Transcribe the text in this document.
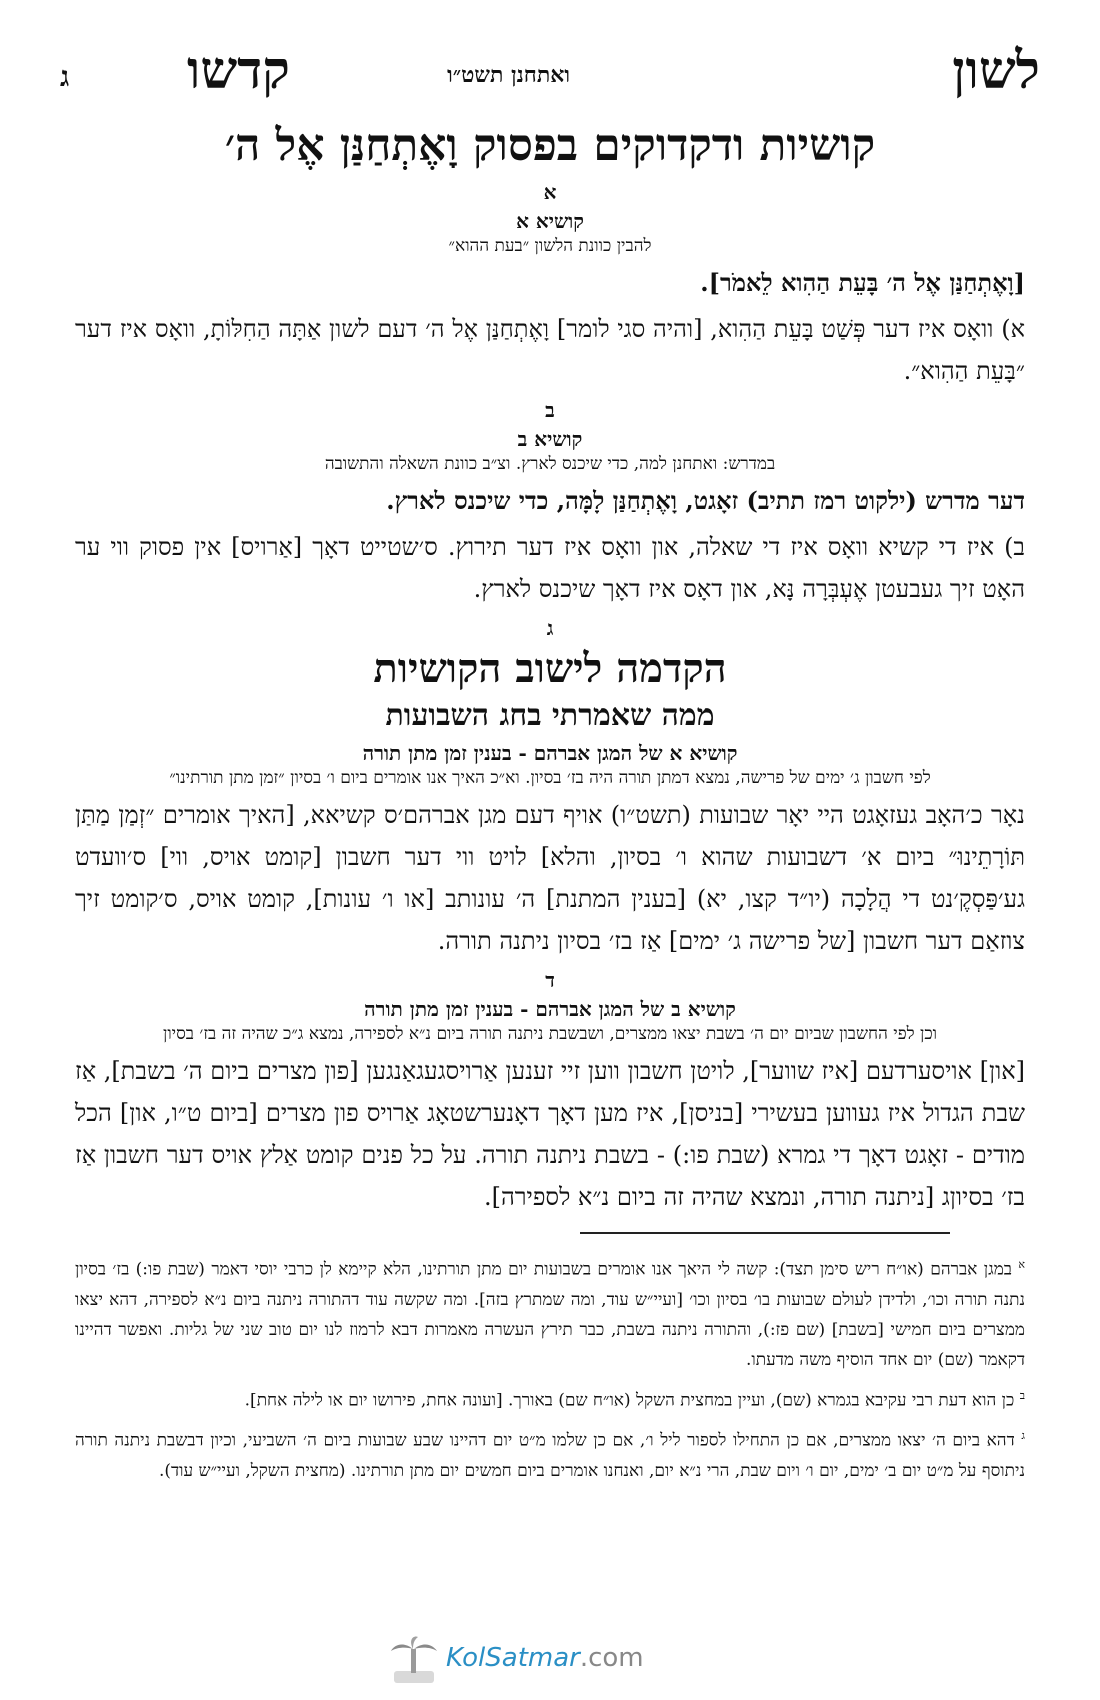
לשון
ואתחנן תשט״ו
קדשו
ג
קושיות ודקדוקים בפסוק וָאֶתְחַנַּן אֶל ה׳
א
קושיא א
להבין כוונת הלשון ״בעת ההוא״

[וָאֶתְחַנַּן אֶל ה׳ בָּעֵת הַהִוא לֵאמֹר].

א) וואָס איז דער פְּשַׁט בָּעֵת הַהִוא, [והיה סגי לומר] וָאֶתְחַנַּן אֶל ה׳ דעם לשון אַתָּה הַחִלּוֹתָ, וואָס איז דער ״בָּעֵת הַהִוא״.

ב
קושיא ב
במדרש: ואתחנן למה, כדי שיכנס לארץ. וצ״ב כוונת השאלה והתשובה

דער מדרש (ילקוט רמז תתיב) זאָגט, וָאֶתְחַנַּן לָמָּה, כדי שיכנס לארץ.

ב) איז די קשיא וואָס איז די שאלה, און וואָס איז דער תירוץ. ס׳שטייט דאָך [אַרויס] אין פסוק ווי ער האָט זיך געבעטן אֶעְבְּרָה נָּא, און דאָס איז דאָך שיכנס לארץ.

ג
הקדמה לישוב הקושיות
ממה שאמרתי בחג השבועות
קושיא א של המגן אברהם - בענין זמן מתן תורה
לפי חשבון ג׳ ימים של פרישה, נמצא דמתן תורה היה בז׳ בסיון. וא״כ האיך אנו אומרים ביום ו׳ בסיון ״זמן מתן תורתינו״

נאָר כ׳האָב געזאָגט היי יאָר שבועות (תשט״ו) אויף דעם מגן אברהם׳ס קשיאא, [האיך אומרים ״זְמַן מַתַּן תּוֹרָתֵינוּ״ ביום א׳ דשבועות שהוא ו׳ בסיון, והלא] לויט ווי דער חשבון [קומט אויס, ווי] ס׳וועדט גע׳פַּסְקֶ׳נט די הֲלָכָה (יו״ד קצו, יא) [בענין המתנת] ה׳ עונותב [או ו׳ עונות], קומט אויס, ס׳קומט זיך צוזאַם דער חשבון [של פרישה ג׳ ימים] אַז בז׳ בסיון ניתנה תורה.

ד
קושיא ב של המגן אברהם - בענין זמן מתן תורה
וכן לפי החשבון שביום יום ה׳ בשבת יצאו ממצרים, ושבשבת ניתנה תורה ביום נ״א לספירה, נמצא ג״כ שהיה זה בז׳ בסיון

[און] אויסערדעם [איז שווער], לויטן חשבון ווען זיי זענען אַרויסגעגאַנגען [פון מצרים ביום ה׳ בשבת], אַז שבת הגדול איז געווען בעשירי [בניסן], איז מען דאָך דאָנערשטאָג אַרויס פון מצרים [ביום ט״ו, און] הכל מודים - זאָגט דאָך די גמרא (שבת פו:) - בשבת ניתנה תורה. על כל פנים קומט אַלץ אויס דער חשבון אַז בז׳ בסיוןג [ניתנה תורה, ונמצא שהיה זה ביום נ״א לספירה].

$^א$ במגן אברהם (או״ח ריש סימן תצד): קשה לי היאך אנו אומרים בשבועות יום מתן תורתינו, הלא קיימא לן כרבי יוסי דאמר (שבת פו:) בז׳ בסיון נתנה תורה וכו׳, ולדידן לעולם שבועות בו׳ בסיון וכו׳ [ועיי״ש עוד, ומה שמתרץ בזה]. ומה שקשה עוד דהתורה ניתנה ביום נ״א לספירה, דהא יצאו ממצרים ביום חמישי [בשבת] (שם פז:), והתורה ניתנה בשבת, כבר תירץ העשרה מאמרות דבא לרמוז לנו יום טוב שני של גליות. ואפשר דהיינו דקאמר (שם) יום אחד הוסיף משה מדעתו.

$^ב$ כן הוא דעת רבי עקיבא בגמרא (שם), ועיין במחצית השקל (או״ח שם) באורך. [ועונה אחת, פירושו יום או לילה אחת].

$^ג$ דהא ביום ה׳ יצאו ממצרים, אם כן התחילו לספור ליל ו׳, אם כן שלמו מ״ט יום דהיינו שבע שבועות ביום ה׳ השביעי, וכיון דבשבת ניתנה תורה ניתוסף על מ״ט יום ב׳ ימים, יום ו׳ ויום שבת, הרי נ״א יום, ואנחנו אומרים ביום חמשים יום מתן תורתינו. (מחצית השקל, ועיי״ש עוד).

KolSatmar.com
